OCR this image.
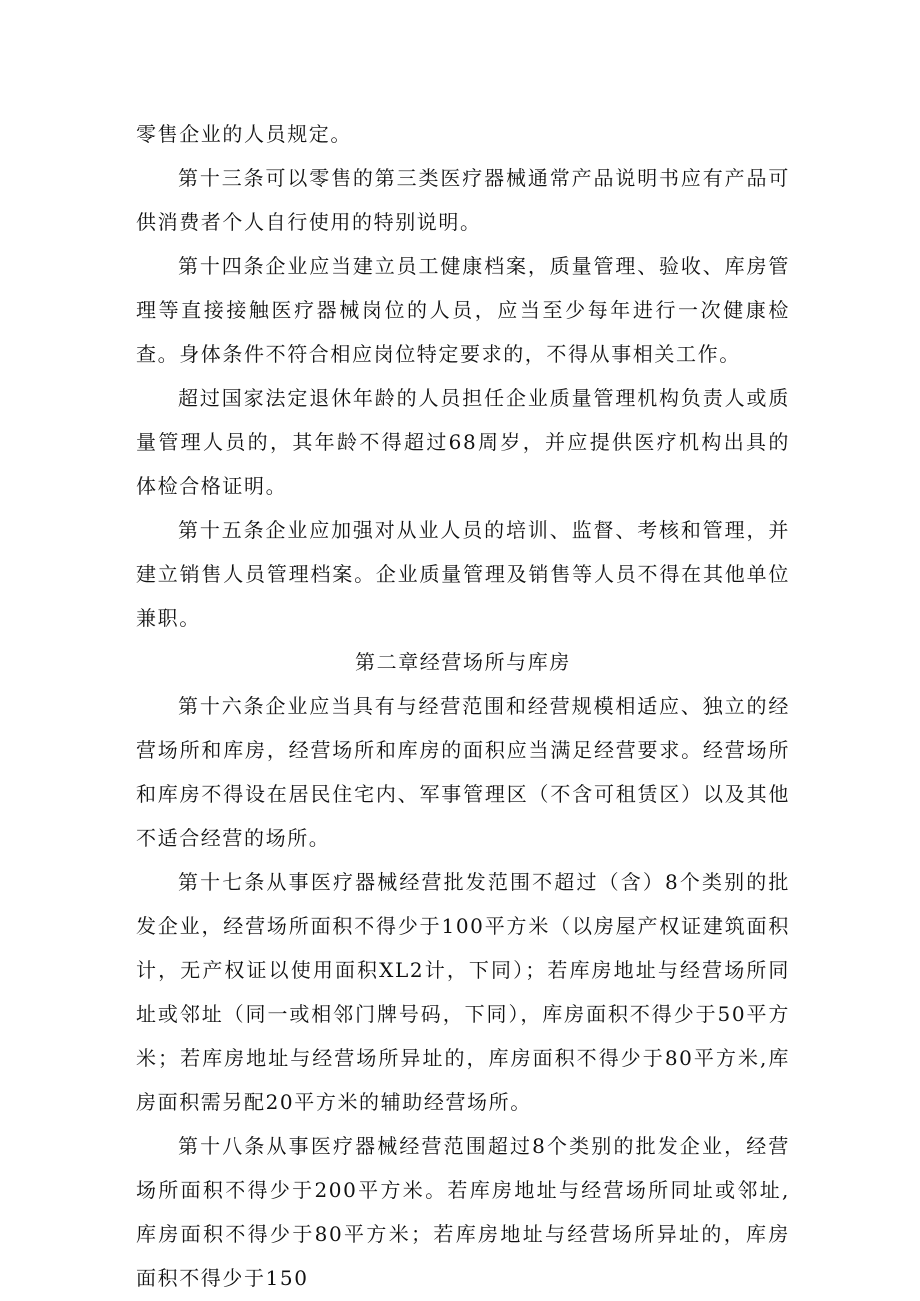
零售企业的人员规定。

第十三条可以零售的第三类医疗器械通常产品说明书应有产品可供消费者个人自行使用的特别说明。

第十四条企业应当建立员工健康档案，质量管理、验收、库房管理等直接接触医疗器械岗位的人员，应当至少每年进行一次健康检查。身体条件不符合相应岗位特定要求的，不得从事相关工作。

超过国家法定退休年龄的人员担任企业质量管理机构负责人或质量管理人员的，其年龄不得超过68周岁，并应提供医疗机构出具的体检合格证明。

第十五条企业应加强对从业人员的培训、监督、考核和管理，并建立销售人员管理档案。企业质量管理及销售等人员不得在其他单位兼职。

第二章经营场所与库房

第十六条企业应当具有与经营范围和经营规模相适应、独立的经营场所和库房，经营场所和库房的面积应当满足经营要求。经营场所和库房不得设在居民住宅内、军事管理区（不含可租赁区）以及其他不适合经营的场所。

第十七条从事医疗器械经营批发范围不超过（含）8个类别的批发企业，经营场所面积不得少于100平方米（以房屋产权证建筑面积计，无产权证以使用面积XL2计，下同）；若库房地址与经营场所同址或邻址（同一或相邻门牌号码，下同），库房面积不得少于50平方米；若库房地址与经营场所异址的，库房面积不得少于80平方米,库房面积需另配20平方米的辅助经营场所。

第十八条从事医疗器械经营范围超过8个类别的批发企业，经营场所面积不得少于200平方米。若库房地址与经营场所同址或邻址,库房面积不得少于80平方米；若库房地址与经营场所异址的，库房面积不得少于150
